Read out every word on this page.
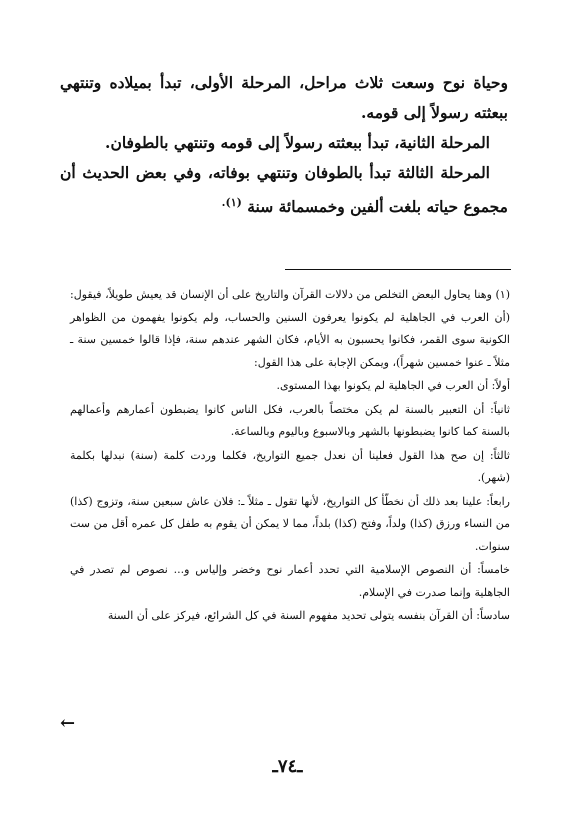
وحياة نوح وسعت ثلاث مراحل، المرحلة الأولى، تبدأ بميلاده وتنتهي ببعثته رسولاً إلى قومه.

المرحلة الثانية، تبدأ ببعثته رسولاً إلى قومه وتنتهي بالطوفان.

المرحلة الثالثة تبدأ بالطوفان وتنتهي بوفاته، وفي بعض الحديث أن مجموع حياته بلغت ألفين وخمسمائة سنة $^{(١).}$

(١) وهنا يحاول البعض التخلص من دلالات القرآن والتاريخ على أن الإنسان قد يعيش طويلاً، فيقول: (أن العرب في الجاهلية لم يكونوا يعرفون السنين والحساب، ولم يكونوا يفهمون من الظواهر الكونية سوى القمر، فكانوا يحسبون به الأيام، فكان الشهر عندهم سنة، فإذا قالوا خمسين سنة ـ مثلاً ـ عنوا خمسين شهراً)، ويمكن الإجابة على هذا القول:

أولاً: أن العرب في الجاهلية لم يكونوا بهذا المستوى.

ثانياً: أن التعبير بالسنة لم يكن مختصاً بالعرب، فكل الناس كانوا يضبطون أعمارهم وأعمالهم بالسنة كما كانوا يضبطونها بالشهر وبالاسبوع وباليوم وبالساعة.

ثالثاً: إن صح هذا القول فعلينا أن نعدل جميع التواريخ، فكلما وردت كلمة (سنة) نبدلها بكلمة (شهر).

رابعاً: علينا بعد ذلك أن نخطّأ كل التواريخ، لأنها تقول ـ مثلاً ـ: فلان عاش سبعين سنة، وتزوج (كذا) من النساء ورزق (كذا) ولداً، وفتح (كذا) بلداً، مما لا يمكن أن يقوم به طفل كل عمره أقل من ست سنوات.

خامساً: أن النصوص الإسلامية التي تحدد أعمار نوح وخضر وإلياس و... نصوص لم تصدر في الجاهلية وإنما صدرت في الإسلام.

سادساً: أن القرآن بنفسه يتولى تحديد مفهوم السنة في كل الشرائع، فيركز على أن السنة

←
ـ٧٤ـ
